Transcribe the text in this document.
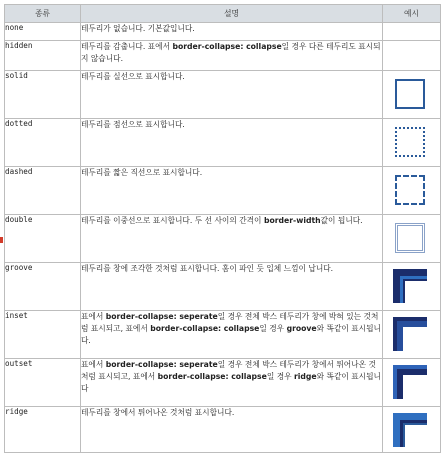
종류	설명	예시
none	테두리가 없습니다. 기본값입니다.	
hidden	테두리를 감춥니다. 표에서 border-collapse: collapse일 경우 다른 테두리도 표시되지 않습니다.	
solid	테두리를 실선으로 표시합니다.	

dotted	테두리를 점선으로 표시합니다.	

dashed	테두리를 짧은 직선으로 표시합니다.	

double	테두리를 이중선으로 표시합니다. 두 선 사이의 간격이 border-width값이 됩니다.	

groove	테두리를 창에 조각한 것처럼 표시합니다. 홈이 파인 듯 입체 느낌이 납니다.	

inset	표에서 border-collapse: seperate일 경우 전체 박스 테두리가 창에 박혀 있는 것처럼 표시되고, 표에서 border-collapse: collapse일 경우 groove와 똑같이 표시됩니다.	

outset	표에서 border-collapse: seperate일 경우 전체 박스 테두리가 창에서 튀어나온 것처럼 표시되고, 표에서 border-collapse: collapse일 경우 ridge와 똑같이 표시됩니다	

ridge	테두리를 창에서 튀어나온 것처럼 표시합니다.	
